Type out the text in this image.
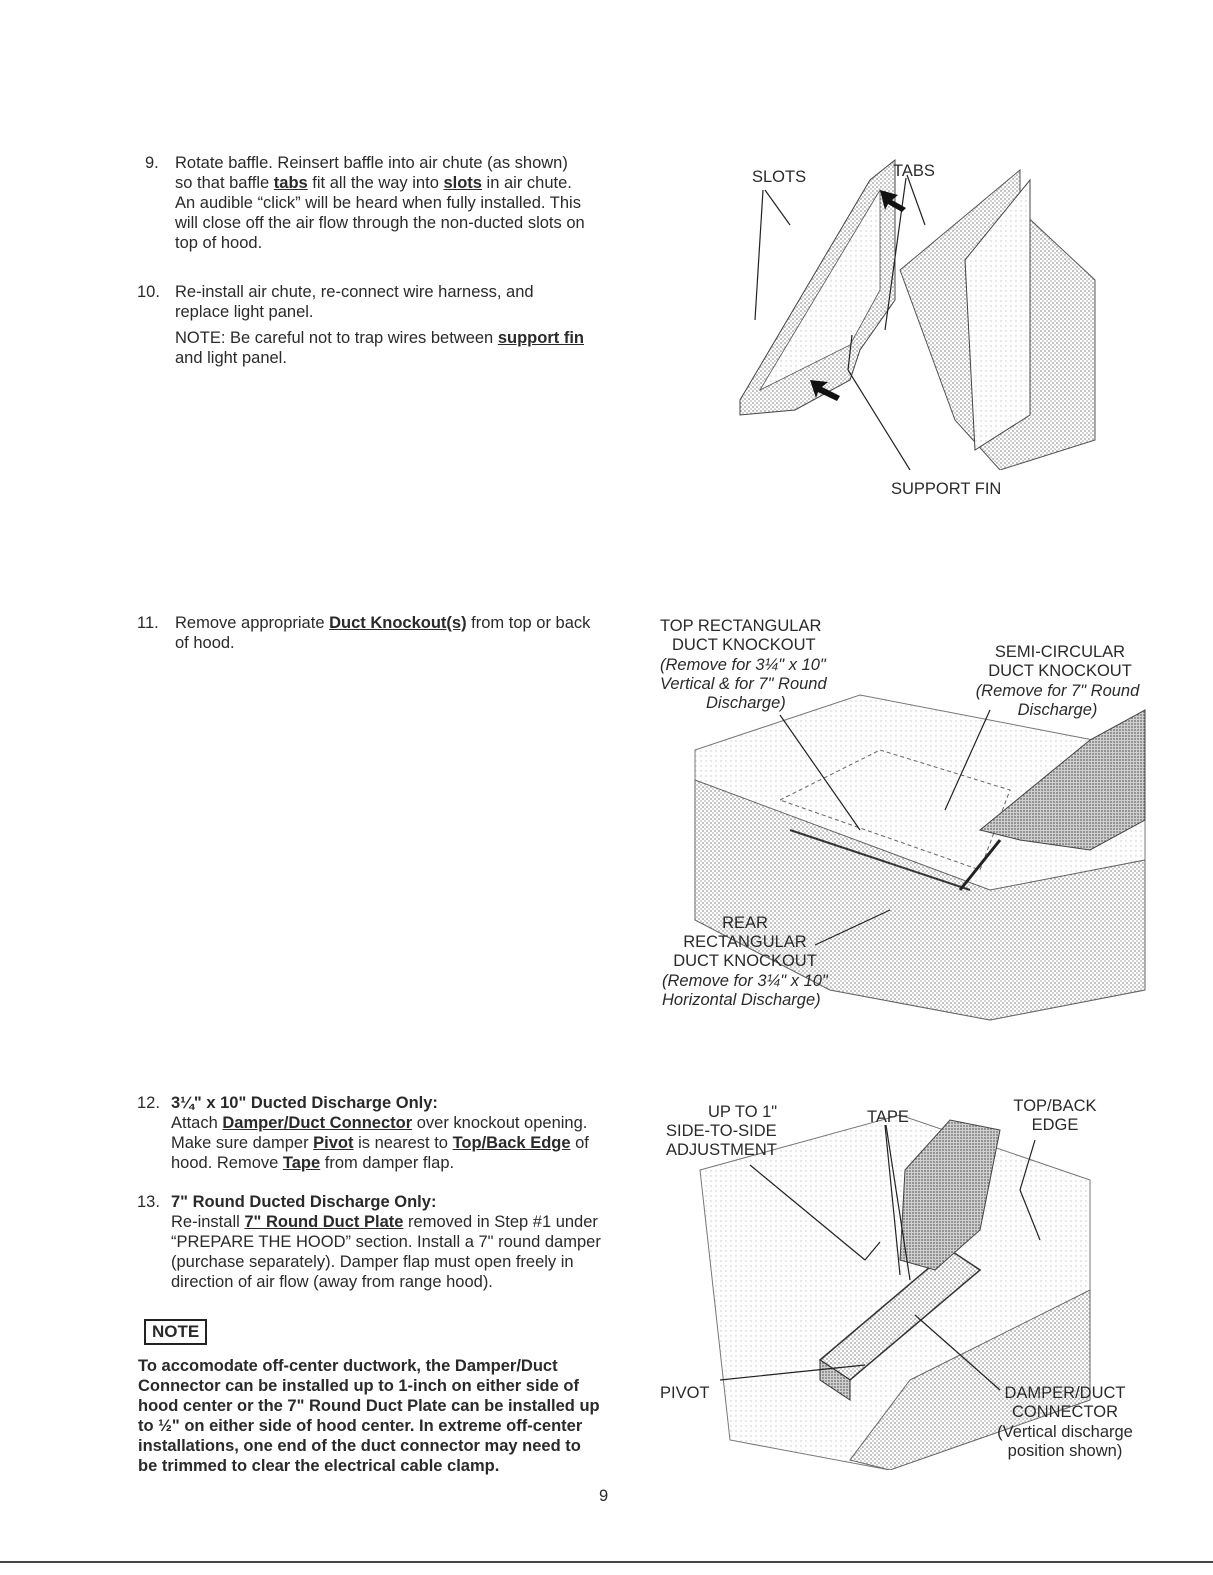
9. Rotate baffle. Reinsert baffle into air chute (as shown)
so that baffle tabs fit all the way into slots in air chute.
An audible “click” will be heard when fully installed. This
will close off the air flow through the non-ducted slots on
top of hood.
10. Re-install air chute, re-connect wire harness, and
replace light panel.
NOTE: Be careful not to trap wires between support fin
and light panel.
11. Remove appropriate Duct Knockout(s) from top or back
of hood.
12. 3¼" x 10" Ducted Discharge Only:
Attach Damper/Duct Connector over knockout opening.
Make sure damper Pivot is nearest to Top/Back Edge of
hood. Remove Tape from damper flap.
13. 7" Round Ducted Discharge Only:
Re-install 7" Round Duct Plate removed in Step #1 under
“PREPARE THE HOOD” section. Install a 7" round damper
(purchase separately). Damper flap must open freely in
direction of air flow (away from range hood).
NOTE
To accomodate off-center ductwork, the Damper/Duct
Connector can be installed up to 1-inch on either side of
hood center or the 7" Round Duct Plate can be installed up
to ½" on either side of hood center. In extreme off-center
installations, one end of the duct connector may need to
be trimmed to clear the electrical cable clamp.
SLOTS	TABS
SUPPORT FIN
TOP RECTANGULAR
DUCT KNOCKOUT
(Remove for 3¼" x 10"
Vertical & for 7" Round
Discharge)
SEMI-CIRCULAR
DUCT KNOCKOUT
(Remove for 7" Round
Discharge)
REAR
RECTANGULAR
DUCT KNOCKOUT
(Remove for 3¼" x 10"
Horizontal Discharge)
UP TO 1"
SIDE-TO-SIDE
ADJUSTMENT
TAPE
TOP/BACK
EDGE
PIVOT	DAMPER/DUCT
CONNECTOR
(Vertical discharge
position shown)
9
